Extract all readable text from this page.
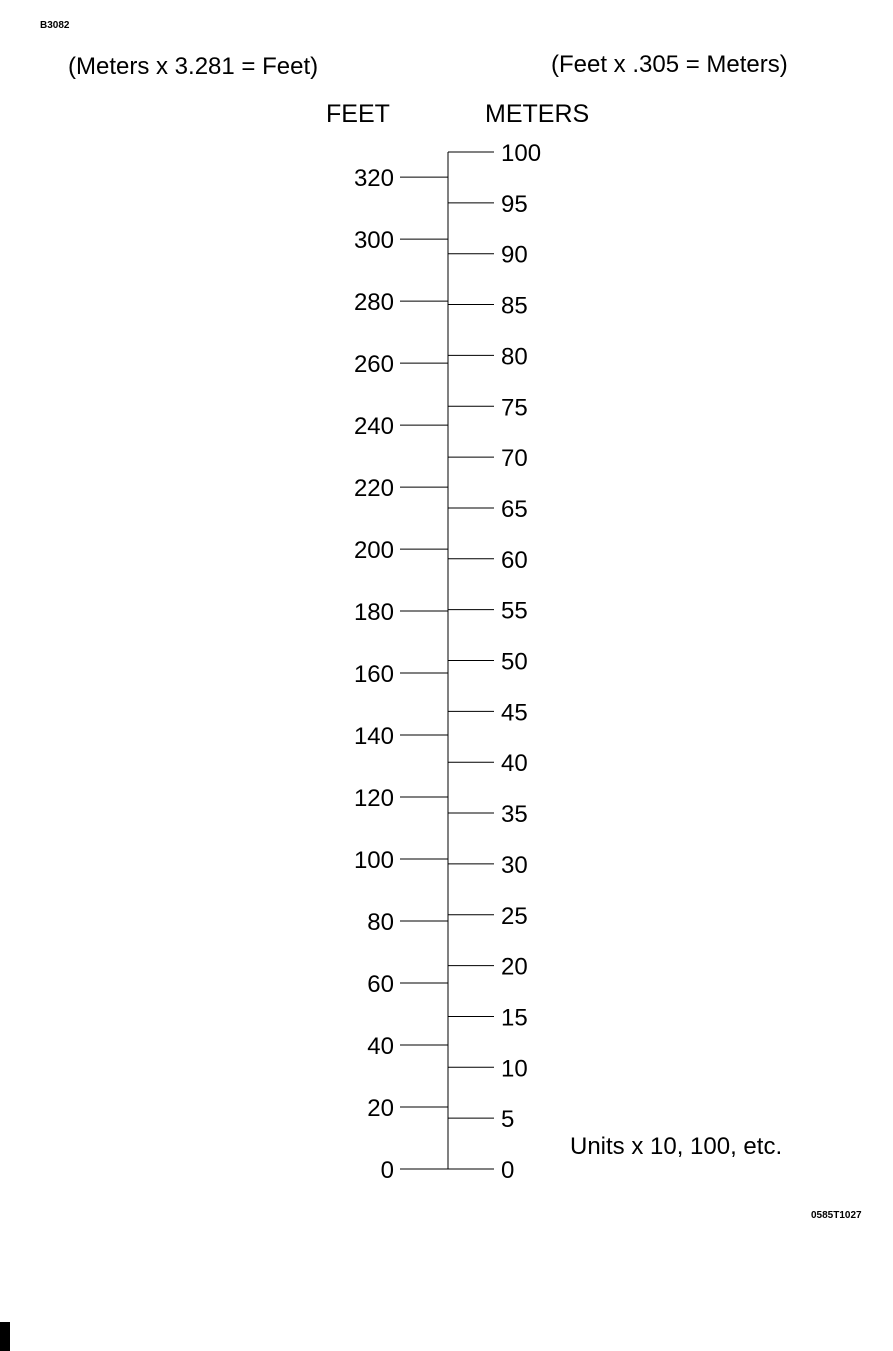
B3082
(Meters x 3.281 = Feet)	(Feet x .305 = Meters)
FEET	METERS
0
20
40
60
80
100
120
140
160
180
200
220
240
260
280
300
320
0
5
10
15
20
25
30
35
40
45
50
55
60
65
70
75
80
85
90
95
100
Units x 10, 100, etc.
0585T1027
